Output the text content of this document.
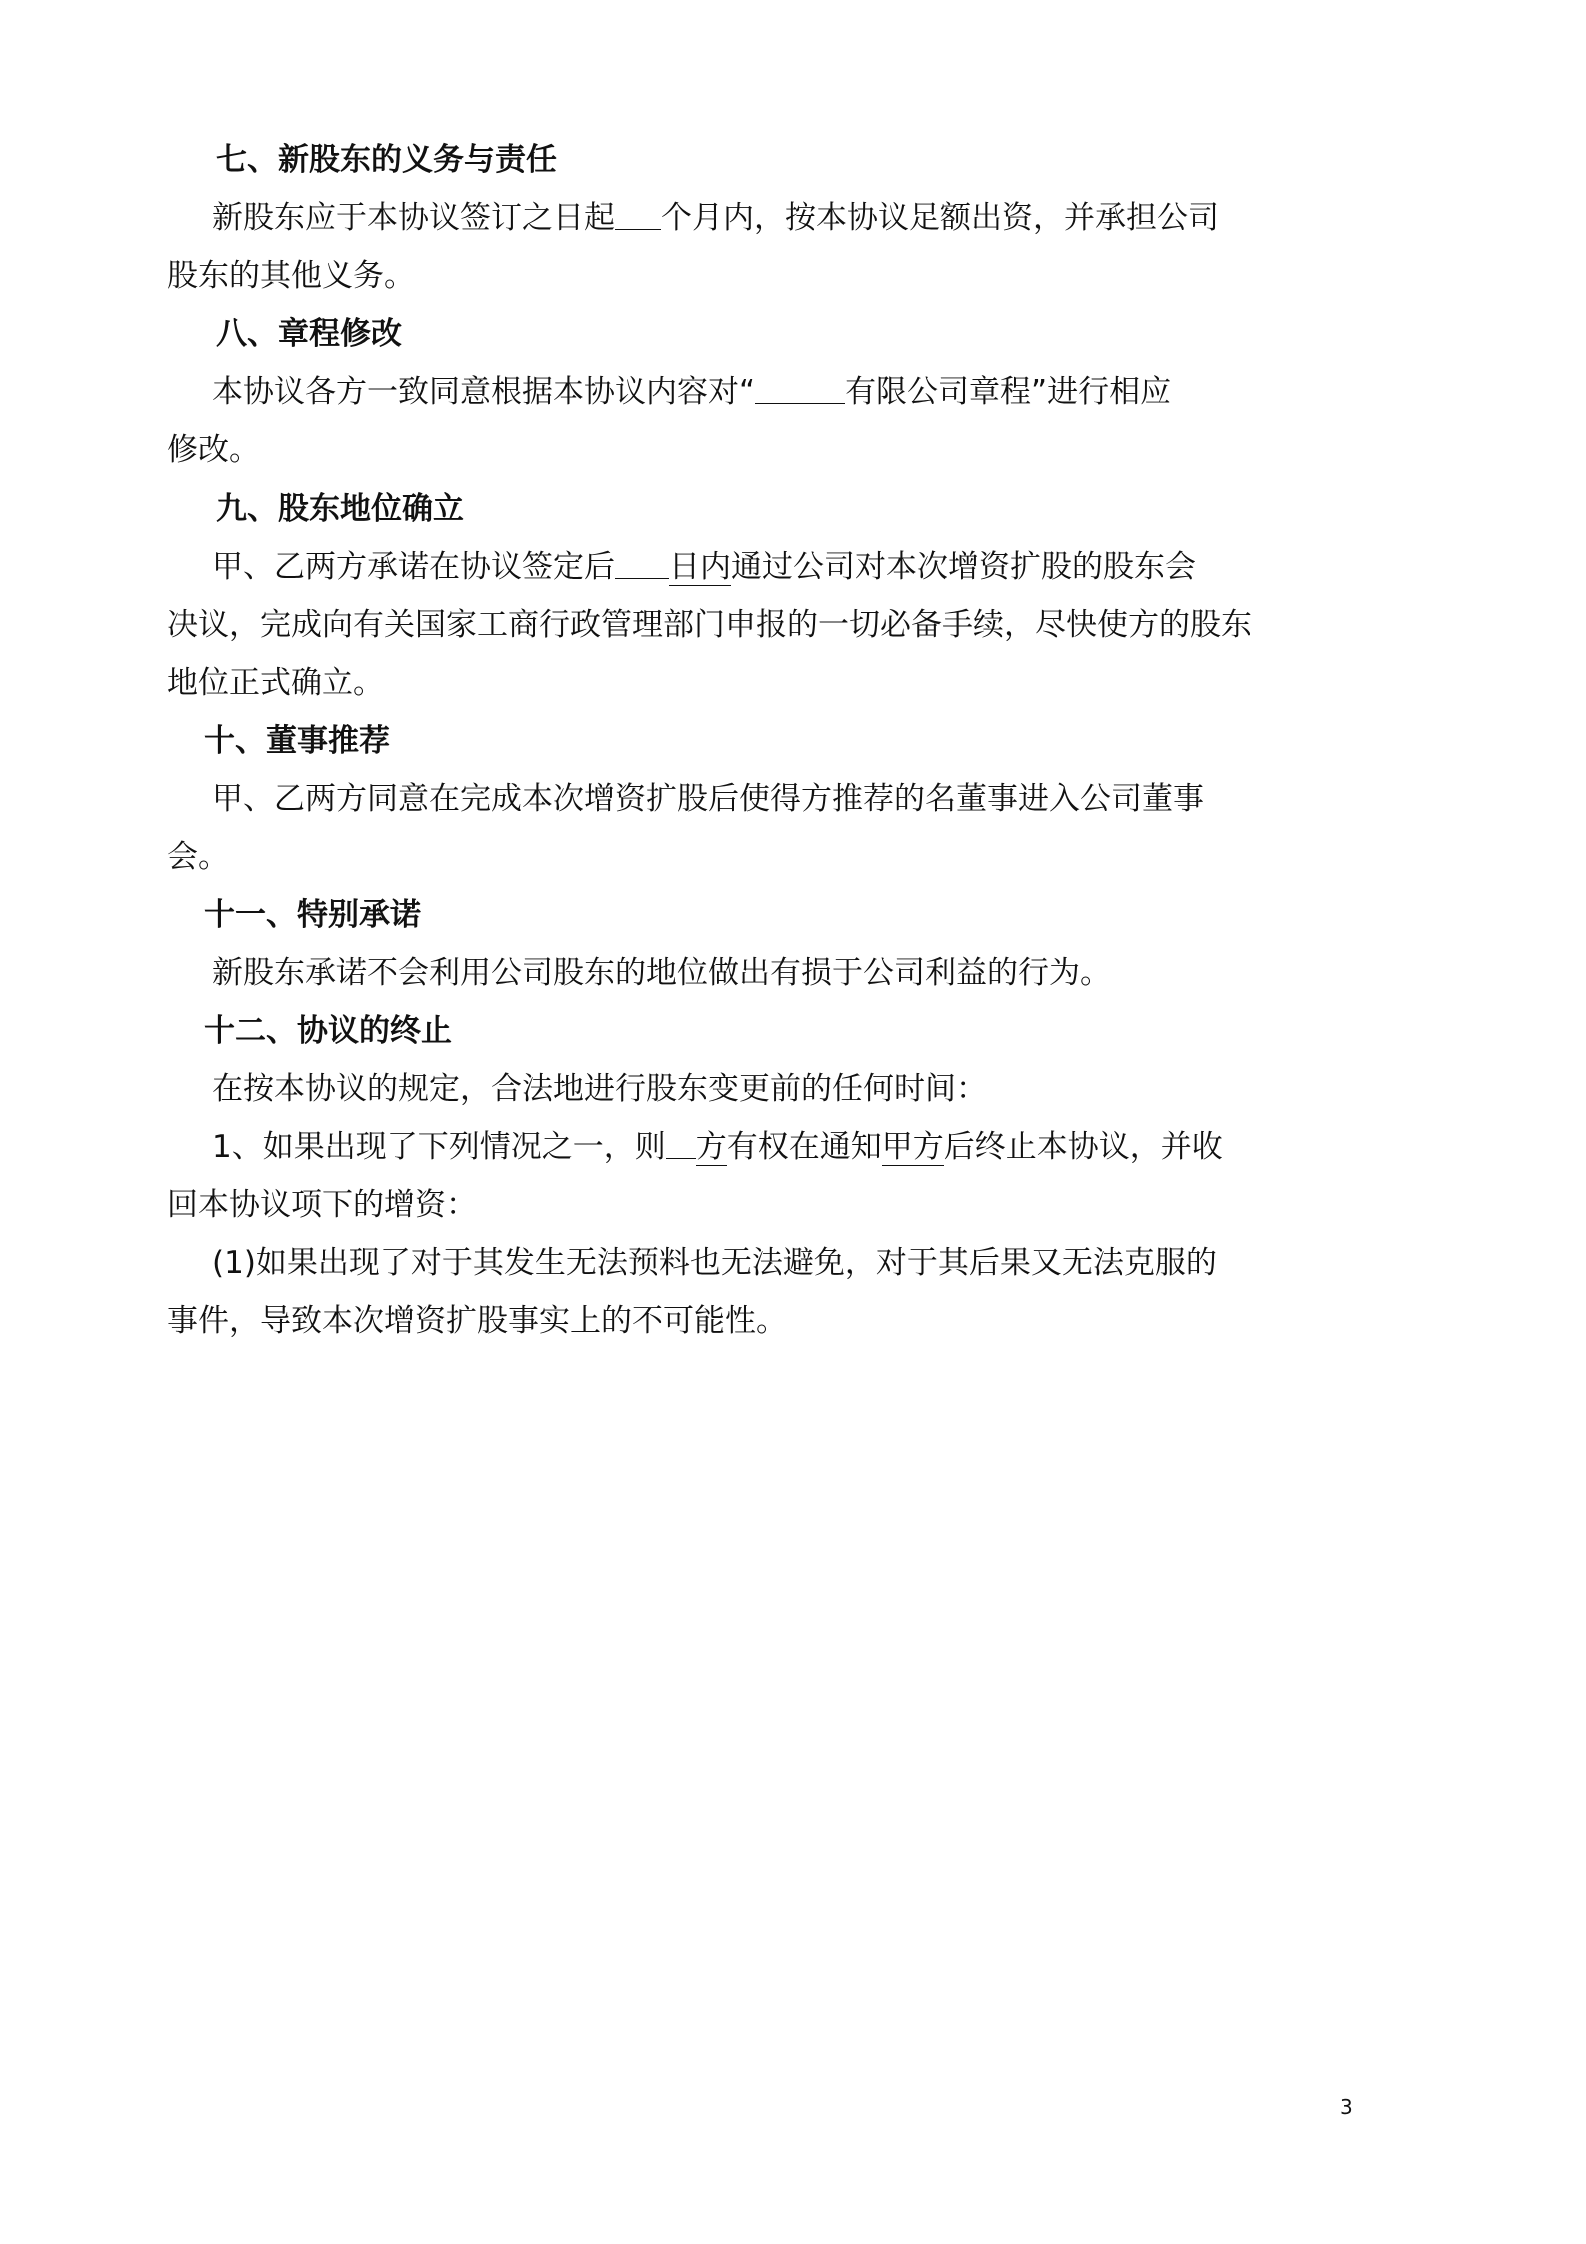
七、新股东的义务与责任
新股东应于本协议签订之日起 个月内，按本协议足额出资，并承担公司
股东的其他义务。
八、章程修改
本协议各方一致同意根据本协议内容对“	有限公司章程”进行相应
修改。
九、股东地位确立
甲、乙两方承诺在协议签定后 日内通过公司对本次增资扩股的股东会
决议，完成向有关国家工商行政管理部门申报的一切必备手续，尽快使方的股东
地位正式确立。
十、董事推荐
甲、乙两方同意在完成本次增资扩股后使得方推荐的名董事进入公司董事
会。
十一、特别承诺
新股东承诺不会利用公司股东的地位做出有损于公司利益的行为。
十二、协议的终止
在按本协议的规定，合法地进行股东变更前的任何时间：
1、如果出现了下列情况之一，则 方有权在通知甲方后终止本协议，并收
回本协议项下的增资：
(1)如果出现了对于其发生无法预料也无法避免，对于其后果又无法克服的
事件，导致本次增资扩股事实上的不可能性。
3
